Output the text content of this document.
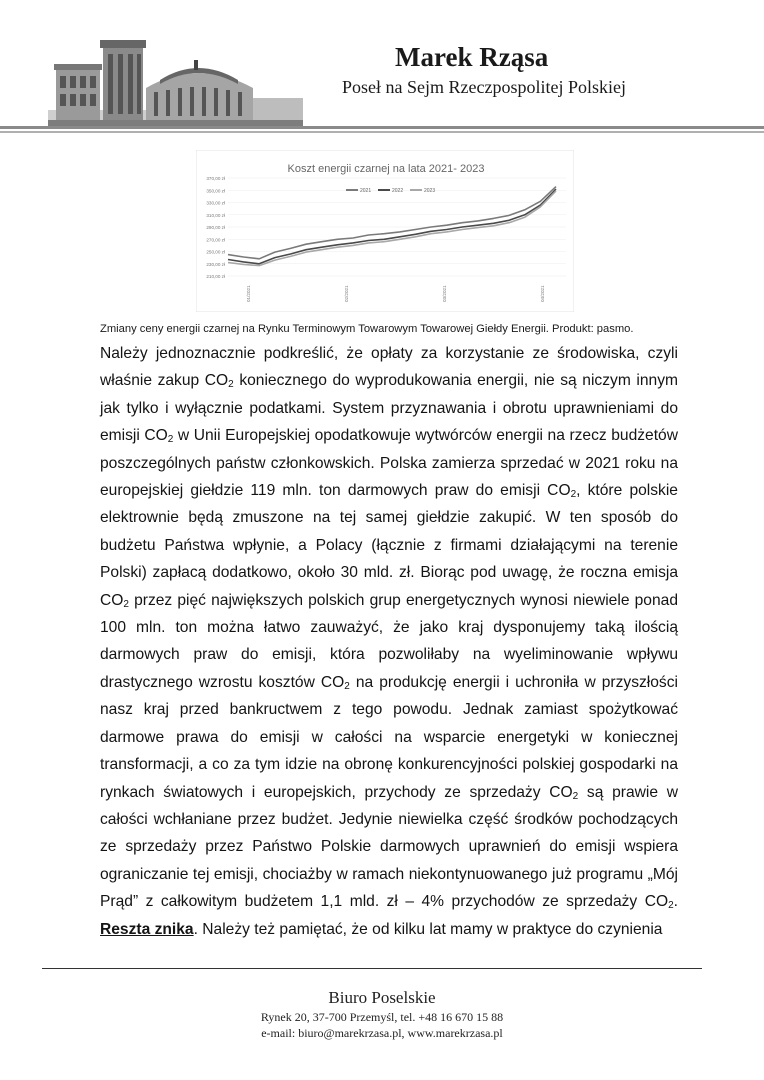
Marek Rząsa
Poseł na Sejm Rzeczpospolitej Polskiej
Koszt energii czarnej na lata 2021- 2023
370,00 zł
350,00 zł
330,00 zł
310,00 zł
290,00 zł
270,00 zł
250,00 zł
230,00 zł
210,00 zł
01/2021	02/2021	03/2021	04/2021
2021	2022	2023
Zmiany ceny energii czarnej na Rynku Terminowym Towarowym Towarowej Giełdy Energii. Produkt: pasmo.

Należy jednoznacznie podkreślić, że opłaty za korzystanie ze środowiska, czyli właśnie zakup $CO_2$ koniecznego do wyprodukowania energii, nie są niczym innym jak tylko i wyłącznie podatkami. System przyznawania i obrotu uprawnieniami do emisji $CO_2$ w Unii Europejskiej opodatkowuje wytwórców energii na rzecz budżetów poszczególnych państw członkowskich. Polska zamierza sprzedać w 2021 roku na europejskiej giełdzie 119 mln. ton darmowych praw do emisji $CO_2$, które polskie elektrownie będą zmuszone na tej samej giełdzie zakupić. W ten sposób do budżetu Państwa wpłynie, a Polacy (łącznie z firmami działającymi na terenie Polski) zapłacą dodatkowo, około 30 mld. zł. Biorąc pod uwagę, że roczna emisja $CO_2$ przez pięć największych polskich grup energetycznych wynosi niewiele ponad 100 mln. ton można łatwo zauważyć, że jako kraj dysponujemy taką ilością darmowych praw do emisji, która pozwoliłaby na wyeliminowanie wpływu drastycznego wzrostu kosztów $CO_2$ na produkcję energii i uchroniła w przyszłości nasz kraj przed bankructwem z tego powodu. Jednak zamiast spożytkować darmowe prawa do emisji w całości na wsparcie energetyki w koniecznej transformacji, a co za tym idzie na obronę konkurencyjności polskiej gospodarki na rynkach światowych i europejskich, przychody ze sprzedaży $CO_2$ są prawie w całości wchłaniane przez budżet. Jedynie niewielka część środków pochodzących ze sprzedaży przez Państwo Polskie darmowych uprawnień do emisji wspiera ograniczanie tej emisji, chociażby w ramach niekontynuowanego już programu „Mój Prąd” z całkowitym budżetem 1,1 mld. zł – 4% przychodów ze sprzedaży $CO_2$. Reszta znika. Należy też pamiętać, że od kilku lat mamy w praktyce do czynienia

Biuro Poselskie
Rynek 20, 37-700 Przemyśl, tel. +48 16 670 15 88
e-mail: biuro@marekrzasa.pl, www.marekrzasa.pl
